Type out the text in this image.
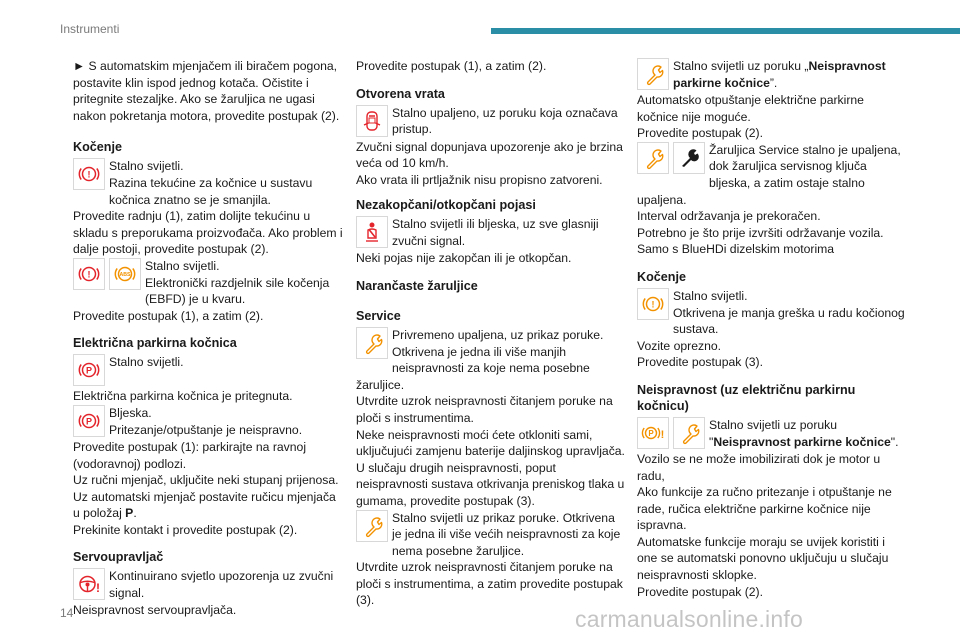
Instrumenti

► S automatskim mjenjačem ili biračem pogona, postavite klin ispod jednog kotača. Očistite i pritegnite stezaljke. Ako se žaruljica ne ugasi nakon pokretanja motora, provedite postupak (2).

Kočenje
!

Stalno svijetli.

Razina tekućine za kočnice u sustavu kočnica znatno se je smanjila.

Provedite radnju (1), zatim dolijte tekućinu u skladu s preporukama proizvođača. Ako problem i dalje postoji, provedite postupak (2).

!	ABS

Stalno svijetli.

Elektronički razdjelnik sile kočenja (EBFD) je u kvaru.

Provedite postupak (1), a zatim (2).

Električna parkirna kočnica
P

Stalno svijetli.

Električna parkirna kočnica je pritegnuta.

P

Bljeska.

Pritezanje/otpuštanje je neispravno.

Provedite postupak (1): parkirajte na ravnoj (vodoravnoj) podlozi.

Uz ručni mjenjač, uključite neki stupanj prijenosa.

Uz automatski mjenjač postavite ručicu mjenjača u položaj P.

Prekinite kontakt i provedite postupak (2).

Servoupravljač
!

Kontinuirano svjetlo upozorenja uz zvučni signal.

Neispravnost servoupravljača.

Provedite postupak (1), a zatim (2).

Otvorena vrata

Stalno upaljeno, uz poruku koja označava pristup.

Zvučni signal dopunjava upozorenje ako je brzina veća od 10 km/h.

Ako vrata ili prtljažnik nisu propisno zatvoreni.

Nezakopčani/otkopčani pojasi

Stalno svijetli ili bljeska, uz sve glasniji zvučni signal.

Neki pojas nije zakopčan ili je otkopčan.

Narančaste žaruljice
Service

Privremeno upaljena, uz prikaz poruke. Otkrivena je jedna ili više manjih neispravnosti za koje nema posebne žaruljice.

Utvrdite uzrok neispravnosti čitanjem poruke na ploči s instrumentima.

Neke neispravnosti moći ćete otkloniti sami, uključujući zamjenu baterije daljinskog upravljača.

U slučaju drugih neispravnosti, poput neispravnosti sustava otkrivanja preniskog tlaka u gumama, provedite postupak (3).

Stalno svijetli uz prikaz poruke. Otkrivena je jedna ili više većih neispravnosti za koje nema posebne žaruljice.

Utvrdite uzrok neispravnosti čitanjem poruke na ploči s instrumentima, a zatim provedite postupak (3).

Stalno svijetli uz poruku „Neispravnost parkirne kočnice”.

Automatsko otpuštanje električne parkirne kočnice nije moguće.

Provedite postupak (2).

Žaruljica Service stalno je upaljena, dok žaruljica servisnog ključa bljeska, a zatim ostaje stalno upaljena.

Interval održavanja je prekoračen.

Potrebno je što prije izvršiti održavanje vozila.

Samo s BlueHDi dizelskim motorima

Kočenje
!

Stalno svijetli.

Otkrivena je manja greška u radu kočionog sustava.

Vozite oprezno.

Provedite postupak (3).

Neispravnost (uz električnu parkirnu kočnicu)
P !

Stalno svijetli uz poruku "Neispravnost parkirne kočnice".

Vozilo se ne može imobilizirati dok je motor u radu,

Ako funkcije za ručno pritezanje i otpuštanje ne rade, ručica električne parkirne kočnice nije ispravna.

Automatske funkcije moraju se uvijek koristiti i one se automatski ponovno uključuju u slučaju neispravnosti sklopke.

Provedite postupak (2).

14	carmanualsonline.info
